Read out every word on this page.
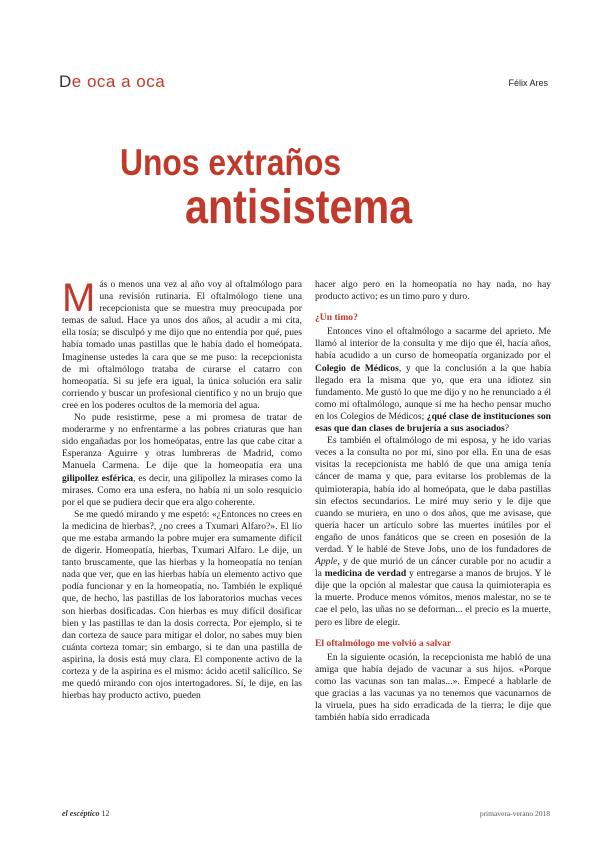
De oca a oca	Félix Ares
Unos extraños
antisistema

Más o menos una vez al año voy al oftalmólogo para una revisión rutinaria. El oftalmólogo tiene una recepcionista que se muestra muy preocupada por temas de salud. Hace ya unos dos años, al acudir a mi cita, ella tosía; se disculpó y me dijo que no entendía por qué, pues había tomado unas pastillas que le había dado el homeópata. Imagínense ustedes la cara que se me puso: la recepcionista de mi oftalmólogo trataba de curarse el catarro con homeopatía. Si su jefe era igual, la única solución era salir corriendo y buscar un profesional científico y no un brujo que cree en los poderes ocultos de la memoria del agua.

No pude resistirme, pese a mi promesa de tratar de moderarme y no enfrentarme a las pobres criaturas que han sido engañadas por los homeópatas, entre las que cabe citar a Esperanza Aguirre y otras lumbreras de Madrid, como Manuela Carmena. Le dije que la homeopatía era una gilipollez esférica, es decir, una gilipollez la mirases como la mirases. Como era una esfera, no había ni un solo resquicio por el que se pudiera decir que era algo coherente.

Se me quedó mirando y me espetó: «¿Entonces no crees en la medicina de hierbas?, ¿no crees a Txumari Alfaro?». El lío que me estaba armando la pobre mujer era sumamente difícil de digerir. Homeopatía, hierbas, Txumari Alfaro. Le dije, un tanto bruscamente, que las hierbas y la homeopatía no tenían nada que ver, que en las hierbas había un elemento activo que podía funcionar y en la homeopatía, no. También le expliqué que, de hecho, las pastillas de los laboratorios muchas veces son hierbas dosificadas. Con hierbas es muy difícil dosificar bien y las pastillas te dan la dosis correcta. Por ejemplo, si te dan corteza de sauce para mitigar el dolor, no sabes muy bien cuánta corteza tomar; sin embargo, si te dan una pastilla de aspirina, la dosis está muy clara. El componente activo de la corteza y de la aspirina es el mismo: ácido acetil salicílico. Se me quedó mirando con ojos intertogadores. Sí, le dije, en las hierbas hay producto activo, pueden

hacer algo pero en la homeopatía no hay nada, no hay producto activo; es un timo puro y duro.

¿Un timo?

Entonces vino el oftalmólogo a sacarme del aprieto. Me llamó al interior de la consulta y me dijo que él, hacía años, había acudido a un curso de homeopatía organizado por el Colegio de Médicos, y que la conclusión a la que había llegado era la misma que yo, que era una idiotez sin fundamento. Me gustó lo que me dijo y no he renunciado a él como mi oftalmólogo, aunque sí me ha hecho pensar mucho en los Colegios de Médicos; ¿qué clase de instituciones son esas que dan clases de brujería a sus asociados?

Es también el oftalmólogo de mi esposa, y he ido varias veces a la consulta no por mí, sino por ella. En una de esas visitas la recepcionista me habló de que una amiga tenía cáncer de mama y que, para evitarse los problemas de la quimioterapia, había ido al homeópata, que le daba pastillas sin efectos secundarios. Le miré muy serio y le dije que cuando se muriera, en uno o dos años, que me avisase, que quería hacer un artículo sobre las muertes inútiles por el engaño de unos fanáticos que se creen en posesión de la verdad. Y le hablé de Steve Jobs, uno de los fundadores de Apple, y de que murió de un cáncer curable por no acudir a la medicina de verdad y entregarse a manos de brujos. Y le dije que la opción al malestar que causa la quimioterapia es la muerte. Produce menos vómitos, menos malestar, no se te cae el pelo, las uñas no se deforman... el precio es la muerte, pero es libre de elegir.

El oftalmólogo me volvió a salvar

En la siguiente ocasión, la recepcionista me habló de una amiga que había dejado de vacunar a sus hijos. «Porque como las vacunas son tan malas...». Empecé a hablarle de que gracias a las vacunas ya no tenemos que vacunarnos de la viruela, pues ha sido erradicada de la tierra; le dije que también había sido erradicada

el escéptico 12	primavera-verano 2018
